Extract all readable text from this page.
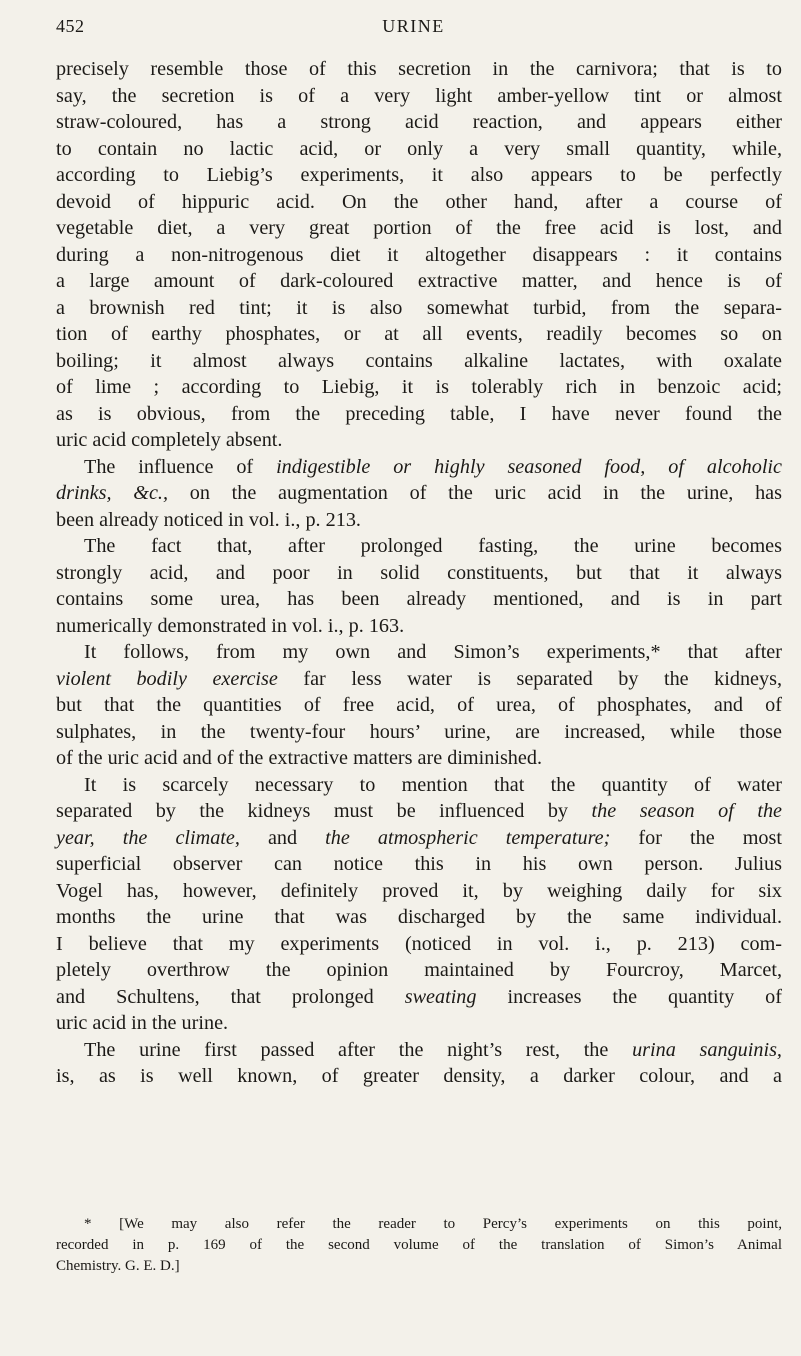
452	URINE
precisely resemble those of this secretion in the carnivora; that is to
say, the secretion is of a very light amber-yellow tint or almost
straw-coloured, has a strong acid reaction, and appears either
to contain no lactic acid, or only a very small quantity, while,
according to Liebig’s experiments, it also appears to be perfectly
devoid of hippuric acid. On the other hand, after a course of
vegetable diet, a very great portion of the free acid is lost, and
during a non-nitrogenous diet it altogether disappears : it contains
a large amount of dark-coloured extractive matter, and hence is of
a brownish red tint; it is also somewhat turbid, from the separa-
tion of earthy phosphates, or at all events, readily becomes so on
boiling; it almost always contains alkaline lactates, with oxalate
of lime ; according to Liebig, it is tolerably rich in benzoic acid;
as is obvious, from the preceding table, I have never found the
uric acid completely absent.
The influence of indigestible or highly seasoned food, of alcoholic
drinks, &c., on the augmentation of the uric acid in the urine, has
been already noticed in vol. i., p. 213.
The fact that, after prolonged fasting, the urine becomes
strongly acid, and poor in solid constituents, but that it always
contains some urea, has been already mentioned, and is in part
numerically demonstrated in vol. i., p. 163.
It follows, from my own and Simon’s experiments,* that after
violent bodily exercise far less water is separated by the kidneys,
but that the quantities of free acid, of urea, of phosphates, and of
sulphates, in the twenty-four hours’ urine, are increased, while those
of the uric acid and of the extractive matters are diminished.
It is scarcely necessary to mention that the quantity of water
separated by the kidneys must be influenced by the season of the
year, the climate, and the atmospheric temperature; for the most
superficial observer can notice this in his own person. Julius
Vogel has, however, definitely proved it, by weighing daily for six
months the urine that was discharged by the same individual.
I believe that my experiments (noticed in vol. i., p. 213) com-
pletely overthrow the opinion maintained by Fourcroy, Marcet,
and Schultens, that prolonged sweating increases the quantity of
uric acid in the urine.
The urine first passed after the night’s rest, the urina sanguinis,
is, as is well known, of greater density, a darker colour, and a
* [We may also refer the reader to Percy’s experiments on this point,
recorded in p. 169 of the second volume of the translation of Simon’s Animal
Chemistry. G. E. D.]
